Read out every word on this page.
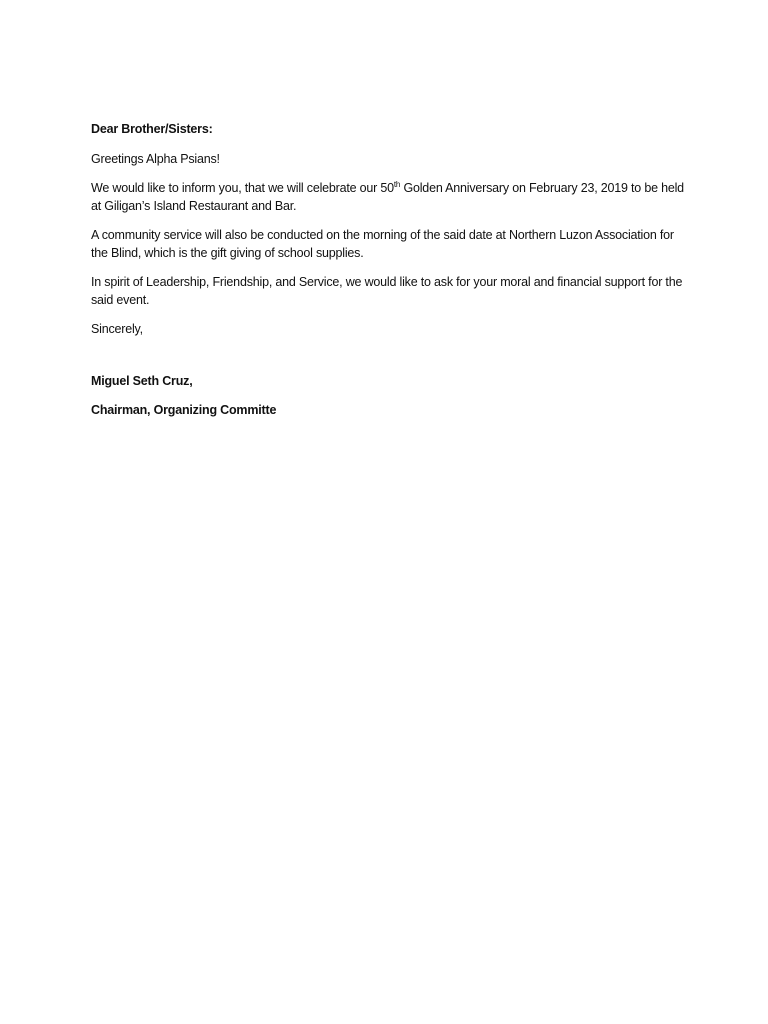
Dear Brother/Sisters:

Greetings Alpha Psians!

We would like to inform you, that we will celebrate our 50th Golden Anniversary on February 23, 2019 to be held at Giligan’s Island Restaurant and Bar.

A community service will also be conducted on the morning of the said date at Northern Luzon Association for the Blind, which is the gift giving of school supplies.

In spirit of Leadership, Friendship, and Service, we would like to ask for your moral and financial support for the said event.

Sincerely,

Miguel Seth Cruz,

Chairman, Organizing Committe
